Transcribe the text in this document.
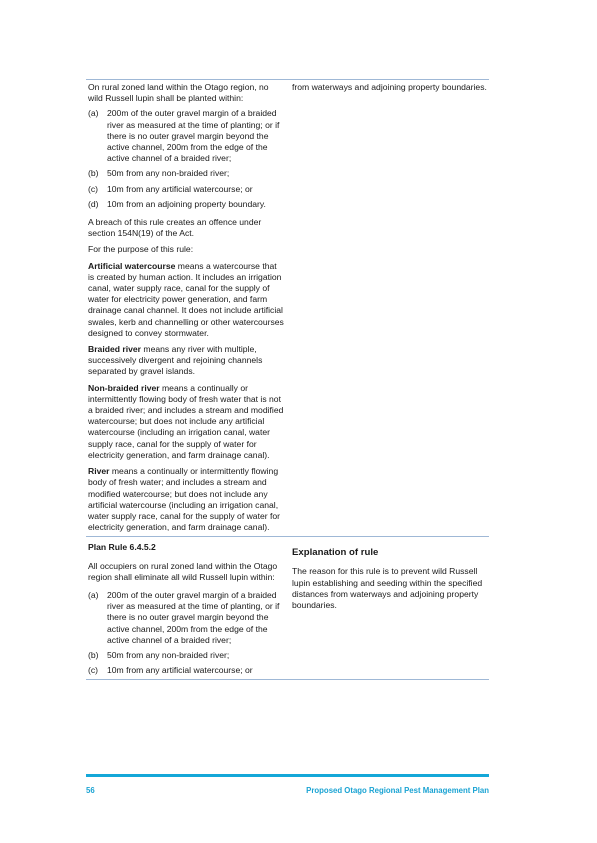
On rural zoned land within the Otago region, no wild Russell lupin shall be planted within:

(a) 200m of the outer gravel margin of a braided river as measured at the time of planting; or if there is no outer gravel margin beyond the active channel, 200m from the edge of the active channel of a braided river;
(b) 50m from any non-braided river;
(c)	10m from any artificial watercourse; or
(d) 10m from an adjoining property boundary.

A breach of this rule creates an offence under section 154N(19) of the Act.

For the purpose of this rule:

Artificial watercourse means a watercourse that is created by human action. It includes an irrigation canal, water supply race, canal for the supply of water for electricity power generation, and farm drainage canal channel. It does not include artificial swales, kerb and channelling or other watercourses designed to convey stormwater.

Braided river means any river with multiple, successively divergent and rejoining channels separated by gravel islands.

Non-braided river means a continually or intermittently flowing body of fresh water that is not a braided river; and includes a stream and modified watercourse; but does not include any artificial watercourse (including an irrigation canal, water supply race, canal for the supply of water for electricity generation, and farm drainage canal).

River means a continually or intermittently flowing body of fresh water; and includes a stream and modified watercourse; but does not include any artificial watercourse (including an irrigation canal, water supply race, canal for the supply of water for electricity generation, and farm drainage canal).

from waterways and adjoining property boundaries.

Plan Rule 6.4.5.2

All occupiers on rural zoned land within the Otago region shall eliminate all wild Russell lupin within:

(a) 200m of the outer gravel margin of a braided river as measured at the time of planting, or if there is no outer gravel margin beyond the active channel, 200m from the edge of the active channel of a braided river;
(b) 50m from any non-braided river;
(c)	10m from any artificial watercourse; or

Explanation of rule

The reason for this rule is to prevent wild Russell lupin establishing and seeding within the specified distances from waterways and adjoining property boundaries.

56	Proposed Otago Regional Pest Management Plan
